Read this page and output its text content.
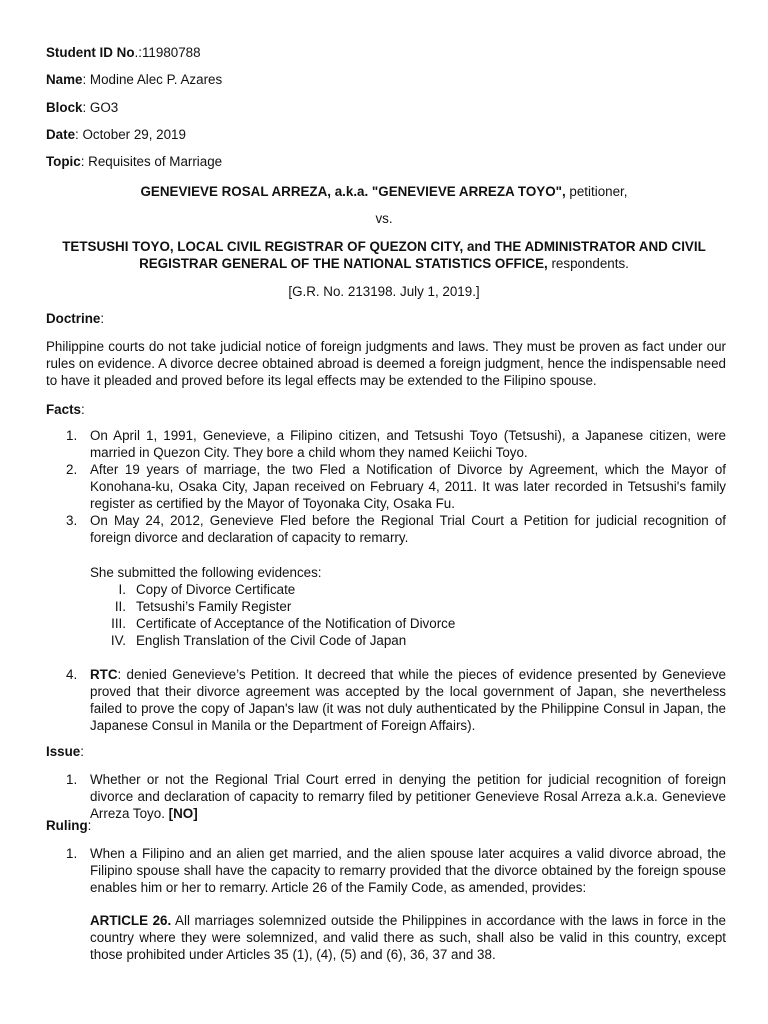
Student ID No.:11980788

Name: Modine Alec P. Azares

Block: GO3

Date: October 29, 2019

Topic: Requisites of Marriage

GENEVIEVE ROSAL ARREZA, a.k.a. "GENEVIEVE ARREZA TOYO", petitioner,
vs.
TETSUSHI TOYO, LOCAL CIVIL REGISTRAR OF QUEZON CITY, and THE ADMINISTRATOR AND CIVIL REGISTRAR GENERAL OF THE NATIONAL STATISTICS OFFICE, respondents.
[G.R. No. 213198. July 1, 2019.]
Doctrine:
Philippine courts do not take judicial notice of foreign judgments and laws. They must be proven as fact under our rules on evidence. A divorce decree obtained abroad is deemed a foreign judgment, hence the indispensable need to have it pleaded and proved before its legal effects may be extended to the Filipino spouse.
Facts:
1. On April 1, 1991, Genevieve, a Filipino citizen, and Tetsushi Toyo (Tetsushi), a Japanese citizen, were married in Quezon City. They bore a child whom they named Keiichi Toyo.
2. After 19 years of marriage, the two Fled a Notification of Divorce by Agreement, which the Mayor of Konohana-ku, Osaka City, Japan received on February 4, 2011. It was later recorded in Tetsushi's family register as certified by the Mayor of Toyonaka City, Osaka Fu.
3. On May 24, 2012, Genevieve Fled before the Regional Trial Court a Petition for judicial recognition of foreign divorce and declaration of capacity to remarry.
She submitted the following evidences:
I. Copy of Divorce Certificate
II. Tetsushi’s Family Register
III. Certificate of Acceptance of the Notification of Divorce
IV. English Translation of the Civil Code of Japan
4. RTC: denied Genevieve’s Petition. It decreed that while the pieces of evidence presented by Genevieve proved that their divorce agreement was accepted by the local government of Japan, she nevertheless failed to prove the copy of Japan's law (it was not duly authenticated by the Philippine Consul in Japan, the Japanese Consul in Manila or the Department of Foreign Affairs).
Issue:
1. Whether or not the Regional Trial Court erred in denying the petition for judicial recognition of foreign divorce and declaration of capacity to remarry filed by petitioner Genevieve Rosal Arreza a.k.a. Genevieve Arreza Toyo. [NO]
Ruling:
1. When a Filipino and an alien get married, and the alien spouse later acquires a valid divorce abroad, the Filipino spouse shall have the capacity to remarry provided that the divorce obtained by the foreign spouse enables him or her to remarry. Article 26 of the Family Code, as amended, provides:
ARTICLE 26. All marriages solemnized outside the Philippines in accordance with the laws in force in the country where they were solemnized, and valid there as such, shall also be valid in this country, except those prohibited under Articles 35 (1), (4), (5) and (6), 36, 37 and 38.
